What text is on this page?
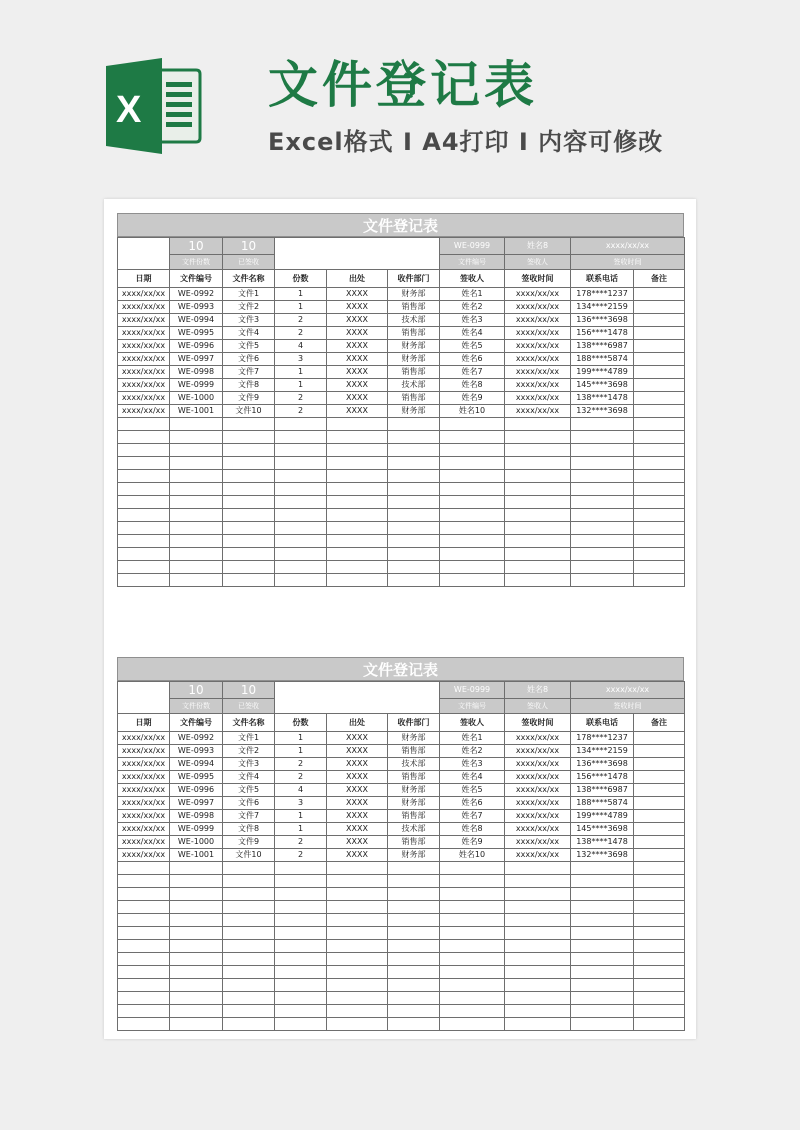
X	文件登记表
Excel格式 I A4打印 I 内容可修改
文件登记表
	10	10				WE-0999	姓名8	xxxx/xx/xx		
	文件份数	已签收				文件编号	签收人	签收时间		
日期	文件编号	文件名称	份数	出处	收件部门	签收人	签收时间	联系电话	备注	
xxxx/xx/xx	WE-0992	文件1	1	XXXX	财务部	姓名1	xxxx/xx/xx	178****1237		
xxxx/xx/xx	WE-0993	文件2	1	XXXX	销售部	姓名2	xxxx/xx/xx	134****2159		
xxxx/xx/xx	WE-0994	文件3	2	XXXX	技术部	姓名3	xxxx/xx/xx	136****3698		
xxxx/xx/xx	WE-0995	文件4	2	XXXX	销售部	姓名4	xxxx/xx/xx	156****1478		
xxxx/xx/xx	WE-0996	文件5	4	XXXX	财务部	姓名5	xxxx/xx/xx	138****6987		
xxxx/xx/xx	WE-0997	文件6	3	XXXX	财务部	姓名6	xxxx/xx/xx	188****5874		
xxxx/xx/xx	WE-0998	文件7	1	XXXX	销售部	姓名7	xxxx/xx/xx	199****4789		
xxxx/xx/xx	WE-0999	文件8	1	XXXX	技术部	姓名8	xxxx/xx/xx	145****3698		
xxxx/xx/xx	WE-1000	文件9	2	XXXX	销售部	姓名9	xxxx/xx/xx	138****1478		
xxxx/xx/xx	WE-1001	文件10	2	XXXX	财务部	姓名10	xxxx/xx/xx	132****3698		

文件登记表
	10	10				WE-0999	姓名8	xxxx/xx/xx		
	文件份数	已签收				文件编号	签收人	签收时间		
日期	文件编号	文件名称	份数	出处	收件部门	签收人	签收时间	联系电话	备注	
xxxx/xx/xx	WE-0992	文件1	1	XXXX	财务部	姓名1	xxxx/xx/xx	178****1237		
xxxx/xx/xx	WE-0993	文件2	1	XXXX	销售部	姓名2	xxxx/xx/xx	134****2159		
xxxx/xx/xx	WE-0994	文件3	2	XXXX	技术部	姓名3	xxxx/xx/xx	136****3698		
xxxx/xx/xx	WE-0995	文件4	2	XXXX	销售部	姓名4	xxxx/xx/xx	156****1478		
xxxx/xx/xx	WE-0996	文件5	4	XXXX	财务部	姓名5	xxxx/xx/xx	138****6987		
xxxx/xx/xx	WE-0997	文件6	3	XXXX	财务部	姓名6	xxxx/xx/xx	188****5874		
xxxx/xx/xx	WE-0998	文件7	1	XXXX	销售部	姓名7	xxxx/xx/xx	199****4789		
xxxx/xx/xx	WE-0999	文件8	1	XXXX	技术部	姓名8	xxxx/xx/xx	145****3698		
xxxx/xx/xx	WE-1000	文件9	2	XXXX	销售部	姓名9	xxxx/xx/xx	138****1478		
xxxx/xx/xx	WE-1001	文件10	2	XXXX	财务部	姓名10	xxxx/xx/xx	132****3698		
